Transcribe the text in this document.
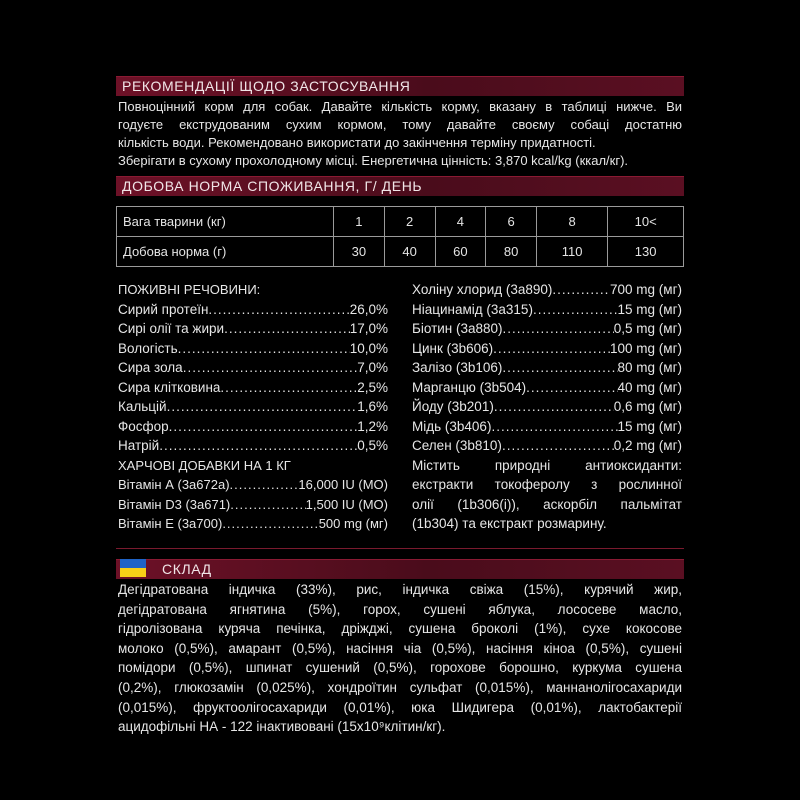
РЕКОМЕНДАЦІЇ ЩОДО ЗАСТОСУВАННЯ
Повноцінний корм для собак. Давайте кількість корму, вказану в таблиці нижче. Ви
годуєте екструдованим сухим кормом, тому давайте своєму собаці достатню
кількість води. Рекомендовано використати до закінчення терміну придатності.
Зберігати в сухому прохолодному місці. Енергетична цінність: 3,870 kcal/kg (ккал/кг).
ДОБОВА НОРМА СПОЖИВАННЯ, Г/ ДЕНЬ
Вага тварини (кг)	1	2	4	6	8	10<
Добова норма (г)	30	40	60	80	110	130
ПОЖИВНІ РЕЧОВИНИ:
Сирий протеїн .....	26,0%
Сирі олії та жири .....	17,0%
Вологість .....	10,0%
Сира зола .....	7,0%
Сира клітковина .....	2,5%
Кальцій .....	1,6%
Фосфор .....	1,2%
Натрій .....	0,5%
ХАРЧОВІ ДОБАВКИ НА 1 КГ
Вітамін А (3а672а) .....	16,000 IU (МО)
Вітамін D3 (3а671) .....	1,500 IU (МО)
Вітамін Е (3а700) .....	500 mg (мг)
Холіну хлорид (3а890) .....	700 mg (мг)
Ніацинамід (3а315) .....	15 mg (мг)
Біотин (3а880) .....	0,5 mg (мг)
Цинк (3b606) .....	100 mg (мг)
Залізо (3b106) .....	80 mg (мг)
Марганцю (3b504) .....	40 mg (мг)
Йоду (3b201) .....	0,6 mg (мг)
Мідь (3b406) .....	15 mg (мг)
Селен (3b810) .....	0,2 mg (мг)
Містить природні антиоксиданти:
екстракти токоферолу з рослинної
олії (1b306(i)), аскорбіл пальмітат
(1b304) та екстракт розмарину.
СКЛАД
Дегідратована індичка (33%), рис, індичка свіжа (15%), курячий жир,
дегідратована ягнятина (5%), горох, сушені яблука, лососеве масло,
гідролізована куряча печінка, дріжджі, сушена броколі (1%), сухе кокосове
молоко (0,5%), амарант (0,5%), насіння чіа (0,5%), насіння кіноа (0,5%), сушені
помідори (0,5%), шпинат сушений (0,5%), горохове борошно, куркума сушена
(0,2%), глюкозамін (0,025%), хондроїтин сульфат (0,015%), маннанолігосахариди
(0,015%), фруктоолігосахариди (0,01%), юка Шидигера (0,01%), лактобактерії
ацидофільні НА - 122 інактивовані (15x10⁹клітин/кг).
